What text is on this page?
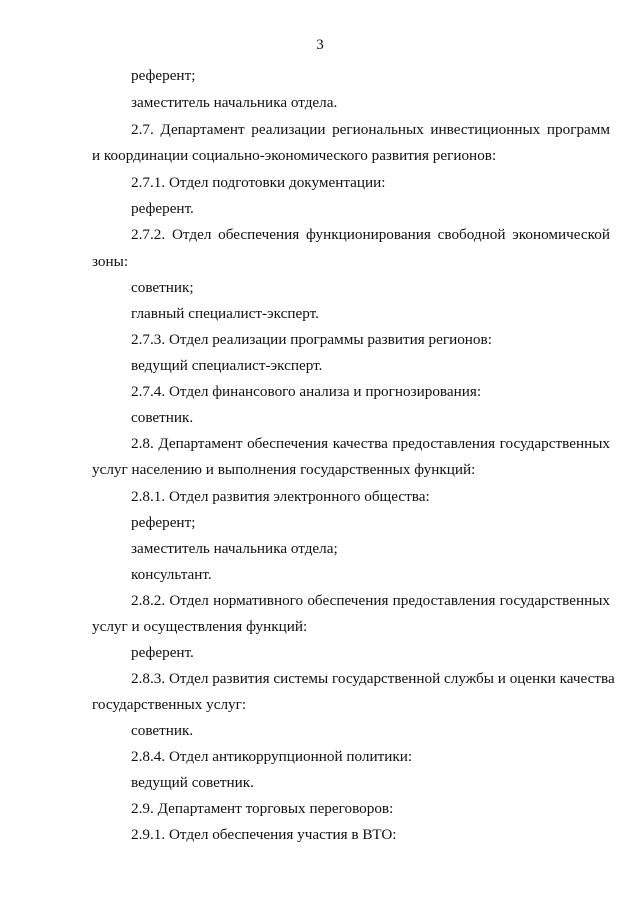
3
референт;
заместитель начальника отдела.
2.7. Департамент реализации региональных инвестиционных программ
и координации социально-экономического развития регионов:
2.7.1. Отдел подготовки документации:
референт.
2.7.2. Отдел обеспечения функционирования свободной экономической
зоны:
советник;
главный специалист-эксперт.
2.7.3. Отдел реализации программы развития регионов:
ведущий специалист-эксперт.
2.7.4. Отдел финансового анализа и прогнозирования:
советник.
2.8. Департамент обеспечения качества предоставления государственных
услуг населению и выполнения государственных функций:
2.8.1. Отдел развития электронного общества:
референт;
заместитель начальника отдела;
консультант.
2.8.2. Отдел нормативного обеспечения предоставления государственных
услуг и осуществления функций:
референт.
2.8.3. Отдел развития системы государственной службы и оценки качества
государственных услуг:
советник.
2.8.4. Отдел антикоррупционной политики:
ведущий советник.
2.9. Департамент торговых переговоров:
2.9.1. Отдел обеспечения участия в ВТО:
